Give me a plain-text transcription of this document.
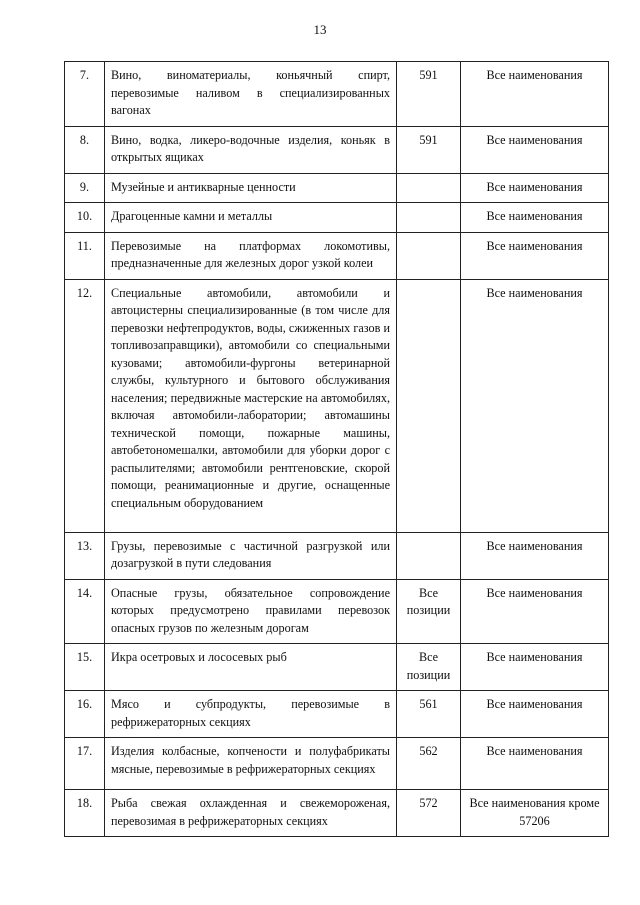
13
7.	Вино, виноматериалы, коньячный спирт, перевозимые наливом в специализированных вагонах	591	Все наименования
8.	Вино, водка, ликеро-водочные изделия, коньяк в открытых ящиках	591	Все наименования
9.	Музейные и антикварные ценности		Все наименования
10.	Драгоценные камни и металлы		Все наименования
11.	Перевозимые на платформах локомотивы, предназначенные для железных дорог узкой колеи		Все наименования
12.	Специальные автомобили, автомобили и автоцистерны специализированные (в том числе для перевозки нефтепродуктов, воды, сжиженных газов и топливозаправщики), автомобили со специальными кузовами; автомобили-фургоны ветеринарной службы, культурного и бытового обслуживания населения; передвижные мастерские на автомобилях, включая автомобили-лаборатории; автомашины технической помощи, пожарные машины, автобетономешалки, автомобили для уборки дорог с распылителями; автомобили рентгеновские, скорой помощи, реанимационные и другие, оснащенные специальным оборудованием		Все наименования
13.	Грузы, перевозимые с частичной разгрузкой или дозагрузкой в пути следования		Все наименования
14.	Опасные грузы, обязательное сопровождение которых предусмотрено правилами перевозок опасных грузов по железным дорогам	Все позиции	Все наименования
15.	Икра осетровых и лососевых рыб	Все позиции	Все наименования
16.	Мясо и субпродукты, перевозимые в рефрижераторных секциях	561	Все наименования
17.	Изделия колбасные, копчености и полуфабрикаты мясные, перевозимые в рефрижераторных секциях	562	Все наименования
18.	Рыба свежая охлажденная и свежемороженая, перевозимая в рефрижераторных секциях	572	Все наименования кроме 57206
